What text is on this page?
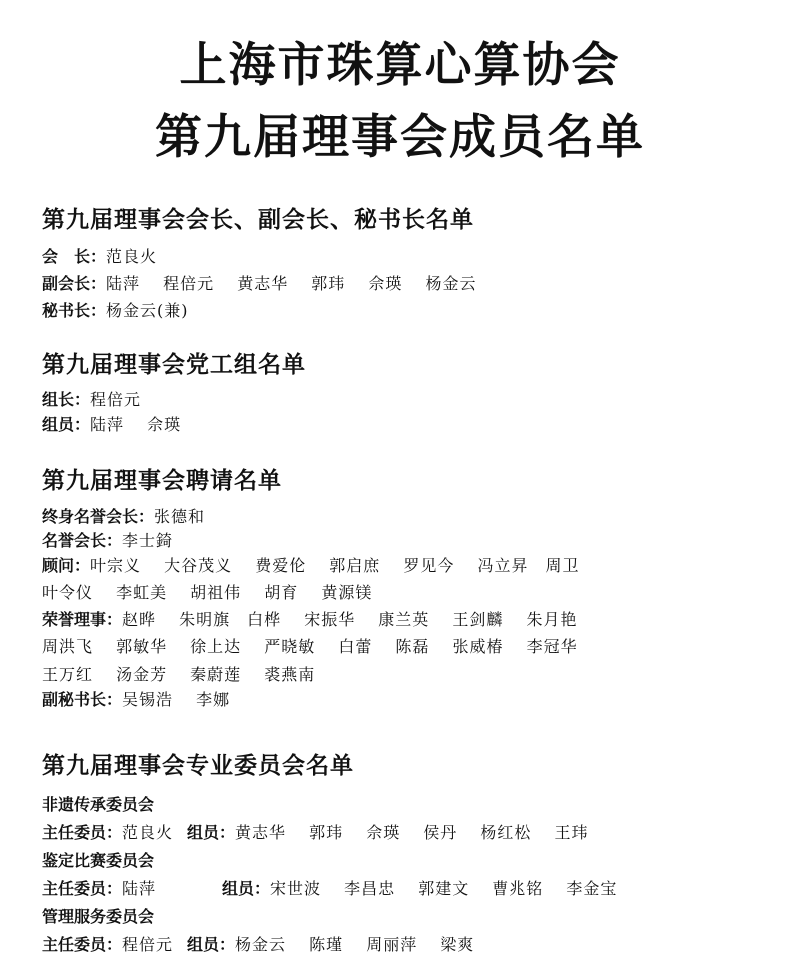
上海市珠算心算协会
第九届理事会成员名单
第九届理事会会长、副会长、秘书长名单
会　长：范良火
副会长：陆萍　 程倍元　 黄志华　 郭玮　 佘瑛　 杨金云
秘书长：杨金云(兼)
第九届理事会党工组名单
组长：程倍元
组员：陆萍　 佘瑛
第九届理事会聘请名单
终身名誉会长：张德和
名誉会长：李士錡
顾问：叶宗义　 大谷茂义　 费爱伦　 郭启庶　 罗见今　 冯立昇　周卫
叶令仪　 李虹美　 胡祖伟　 胡育　 黄源镁
荣誉理事：赵晔　 朱明旗　白桦　 宋振华　 康兰英　 王剑麟　 朱月艳
周洪飞　 郭敏华　 徐上达　 严晓敏　 白蕾　 陈磊　 张威椿　 李冠华
王万红　 汤金芳　 秦蔚莲　 裘燕南
副秘书长：吴锡浩　 李娜
第九届理事会专业委员会名单
非遗传承委员会
主任委员：范良火 组员：黄志华　 郭玮　 佘瑛　 侯丹　 杨红松　 王玮
鉴定比赛委员会
主任委员：陆萍	组员：宋世波　 李昌忠　 郭建文　 曹兆铭　 李金宝
管理服务委员会
主任委员：程倍元 组员：杨金云　 陈瑾　 周丽萍　 梁爽
